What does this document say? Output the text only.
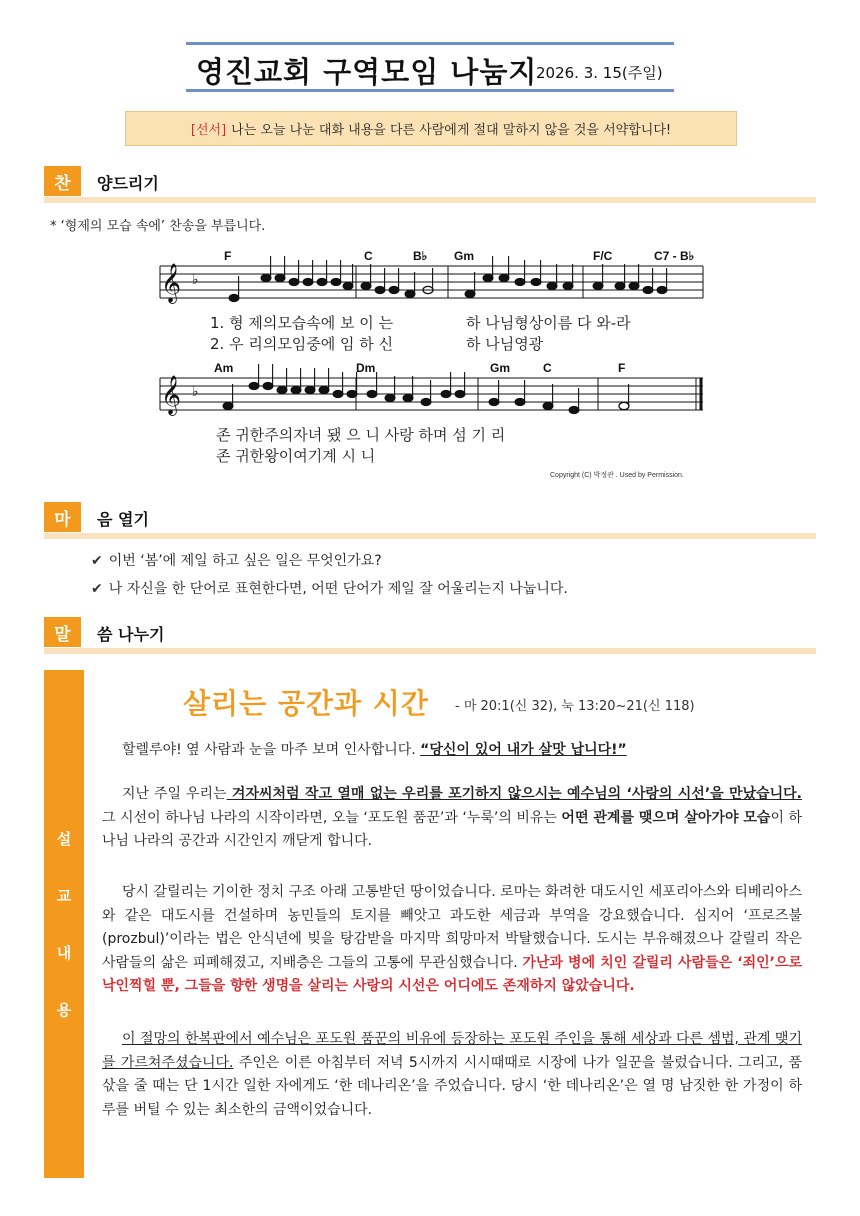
영진교회 구역모임 나눔지
2026. 3. 15(주일)
[선서] 나는 오늘 나눈 대화 내용을 다른 사람에게 절대 말하지 않을 것을 서약합니다!
찬	양드리기
* ‘형제의 모습 속에’ 찬송을 부릅니다.
𝄞
𝄞
♭
♭
F	C	B♭ Gm	F/C	C7 - B♭
Am	Dm	Gm	C	F
1. 형 제의모습속에 보 이 는	하 나님형상이름 다 와-라
2. 우 리의모임중에 임 하 신	하 나님영광
존 귀한주의자녀 됐 으 니 사랑 하며 섬 기 리
존 귀한왕이여기계 시 니
Copyright (C) 박정관 . Used by Permission.
마	음 열기
✔ 이번 ‘봄’에 제일 하고 싶은 일은 무엇인가요?
✔ 나 자신을 한 단어로 표현한다면, 어떤 단어가 제일 잘 어울리는지 나눕니다.
말	씀 나누기
설
교
내
용
살리는 공간과 시간 - 마 20:1(신 32), 눅 13:20~21(신 118)

할렐루야! 옆 사람과 눈을 마주 보며 인사합니다. “당신이 있어 내가 살맛 납니다!”

지난 주일 우리는 겨자씨처럼 작고 열매 없는 우리를 포기하지 않으시는 예수님의 ‘사랑의 시선’을 만났습니다. 그 시선이 하나님 나라의 시작이라면, 오늘 ‘포도원 품꾼’과 ‘누룩’의 비유는 어떤 관계를 맺으며 살아가야 모습이 하나님 나라의 공간과 시간인지 깨닫게 합니다.

당시 갈릴리는 기이한 정치 구조 아래 고통받던 땅이었습니다. 로마는 화려한 대도시인 세포리아스와 티베리아스와 같은 대도시를 건설하며 농민들의 토지를 빼앗고 과도한 세금과 부역을 강요했습니다. 심지어 ‘프로즈불(prozbul)’이라는 법은 안식년에 빚을 탕감받을 마지막 희망마저 박탈했습니다. 도시는 부유해졌으나 갈릴리 작은 사람들의 삶은 피폐해졌고, 지배층은 그들의 고통에 무관심했습니다. 가난과 병에 치인 갈릴리 사람들은 ‘죄인’으로 낙인찍힐 뿐, 그들을 향한 생명을 살리는 사랑의 시선은 어디에도 존재하지 않았습니다.

이 절망의 한복판에서 예수님은 포도원 품꾼의 비유에 등장하는 포도원 주인을 통해 세상과 다른 셈법, 관계 맺기를 가르쳐주셨습니다. 주인은 이른 아침부터 저녁 5시까지 시시때때로 시장에 나가 일꾼을 불렀습니다. 그리고, 품삯을 줄 때는 단 1시간 일한 자에게도 ‘한 데나리온’을 주었습니다. 당시 ‘한 데나리온’은 열 명 남짓한 한 가정이 하루를 버틸 수 있는 최소한의 금액이었습니다.
